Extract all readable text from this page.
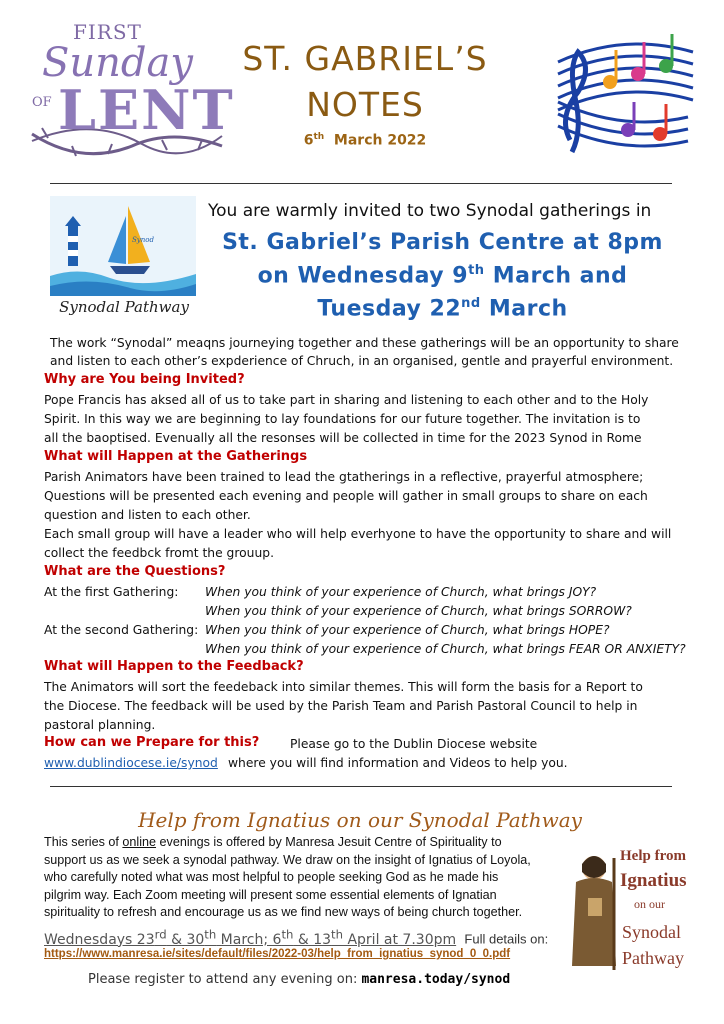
FIRST
Sunday
OF LENT
ST. GABRIEL’S
NOTES
6th March 2022
Synod
Synodal Pathway
You are warmly invited to two Synodal gatherings in
St. Gabriel’s Parish Centre at 8pm
on Wednesday 9th March and
Tuesday 22nd March
The work “Synodal” meaqns journeying together and these gatherings will be an opportunity to share
and listen to each other’s expderience of Chruch, in an organised, gentle and prayerful environment.
Why are You being Invited?
Pope Francis has aksed all of us to take part in sharing and listening to each other and to the Holy
Spirit. In this way we are beginning to lay foundations for our future together. The invitation is to
all the baoptised. Evenually all the resonses will be collected in time for the 2023 Synod in Rome
What will Happen at the Gatherings
Parish Animators have been trained to lead the gtatherings in a reflective, prayerful atmosphere;
Questions will be presented each evening and people will gather in small groups to share on each
question and listen to each other.
Each small group will have a leader who will help everhyone to have the opportunity to share and will
collect the feedbck fromt the grouup.
What are the Questions?
At the first Gathering: When you think of your experience of Church, what brings JOY?
When you think of your experience of Church, what brings SORROW?
At the second Gathering: When you think of your experience of Church, what brings HOPE?
When you think of your experience of Church, what brings FEAR OR ANXIETY?
What will Happen to the Feedback?
The Animators will sort the feedeback into similar themes. This will form the basis for a Report to
the Diocese. The feedback will be used by the Parish Team and Parish Pastoral Council to help in
pastoral planning.
How can we Prepare for this? Please go to the Dublin Diocese website
www.dublindiocese.ie/synod where you will find information and Videos to help you.
Help from Ignatius on our Synodal Pathway
This series of online evenings is offered by Manresa Jesuit Centre of Spirituality to
support us as we seek a synodal pathway. We draw on the insight of Ignatius of Loyola,
who carefully noted what was most helpful to people seeking God as he made his
pilgrim way. Each Zoom meeting will present some essential elements of Ignatian
spirituality to refresh and encourage us as we find new ways of being church together.
Wednesdays 23rd & 30th March; 6th & 13th April at 7.30pm Full details on:
https://www.manresa.ie/sites/default/files/2022-03/help_from_ignatius_synod_0_0.pdf
Please register to attend any evening on: manresa.today/synod
Help from
Ignatius
on our
Synodal
Pathway
